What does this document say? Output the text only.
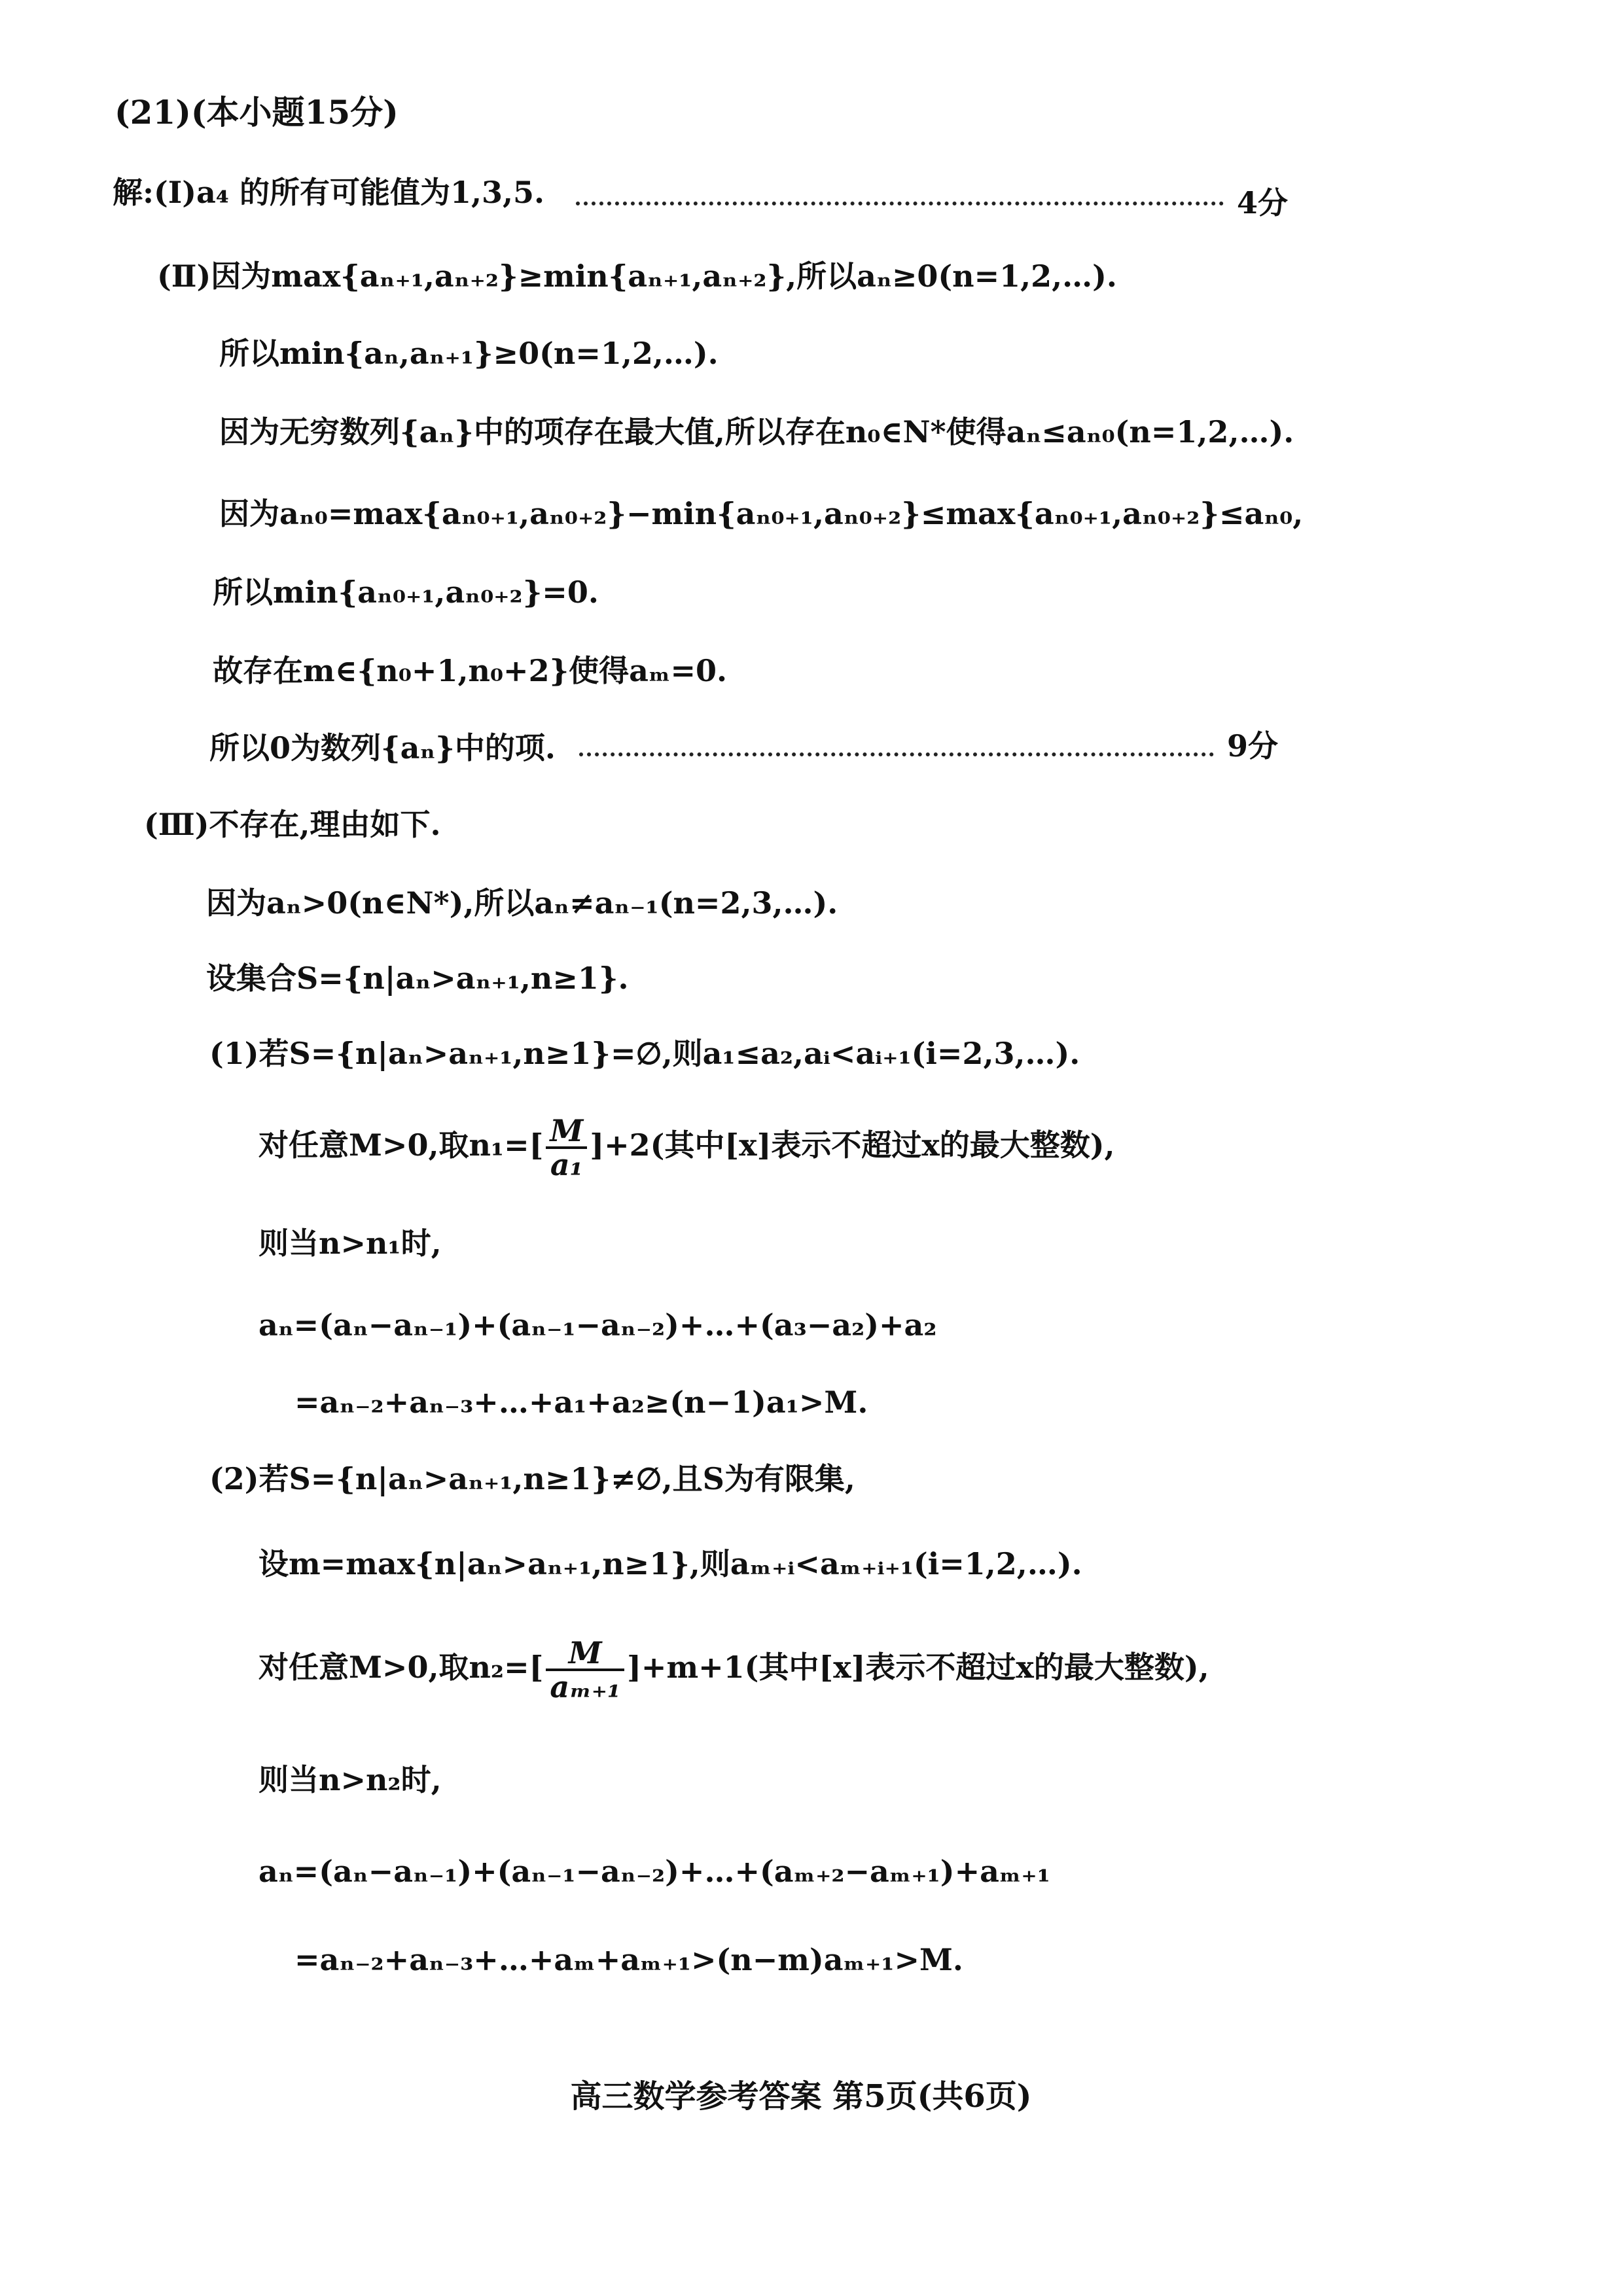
(21)(本小题15分)
解:(Ⅰ)a₄ 的所有可能值为1,3,5.	4分
(Ⅱ)因为max{aₙ₊₁,aₙ₊₂}≥min{aₙ₊₁,aₙ₊₂},所以aₙ≥0(n=1,2,…).
所以min{aₙ,aₙ₊₁}≥0(n=1,2,…).
因为无穷数列{aₙ}中的项存在最大值,所以存在n₀∈N*使得aₙ≤aₙ₀(n=1,2,…).
因为aₙ₀=max{aₙ₀₊₁,aₙ₀₊₂}−min{aₙ₀₊₁,aₙ₀₊₂}≤max{aₙ₀₊₁,aₙ₀₊₂}≤aₙ₀,
所以min{aₙ₀₊₁,aₙ₀₊₂}=0.
故存在m∈{n₀+1,n₀+2}使得aₘ=0.
所以0为数列{aₙ}中的项.	9分
(Ⅲ)不存在,理由如下.
因为aₙ>0(n∈N*),所以aₙ≠aₙ₋₁(n=2,3,…).
设集合S={n|aₙ>aₙ₊₁,n≥1}.
(1)若S={n|aₙ>aₙ₊₁,n≥1}=∅,则a₁≤a₂,aᵢ<aᵢ₊₁(i=2,3,…).
对任意M>0,取$n_1=[ \frac{M}{\text{a₁}} ]+2$(其中[x]表示不超过x的最大整数),
则当n>n₁时,
aₙ=(aₙ−aₙ₋₁)+(aₙ₋₁−aₙ₋₂)+…+(a₃−a₂)+a₂
=aₙ₋₂+aₙ₋₃+…+a₁+a₂≥(n−1)a₁>M.
(2)若S={n|aₙ>aₙ₊₁,n≥1}≠∅,且S为有限集,
设m=max{n|aₙ>aₙ₊₁,n≥1},则aₘ₊ᵢ<aₘ₊ᵢ₊₁(i=1,2,…).
对任意M>0,取$n_2=[ \frac{M}{\text{aₘ₊₁}} ]+m+1$(其中[x]表示不超过x的最大整数),
则当n>n₂时,
aₙ=(aₙ−aₙ₋₁)+(aₙ₋₁−aₙ₋₂)+…+(aₘ₊₂−aₘ₊₁)+aₘ₊₁
=aₙ₋₂+aₙ₋₃+…+aₘ+aₘ₊₁>(n−m)aₘ₊₁>M.
高三数学参考答案 第5页(共6页)
